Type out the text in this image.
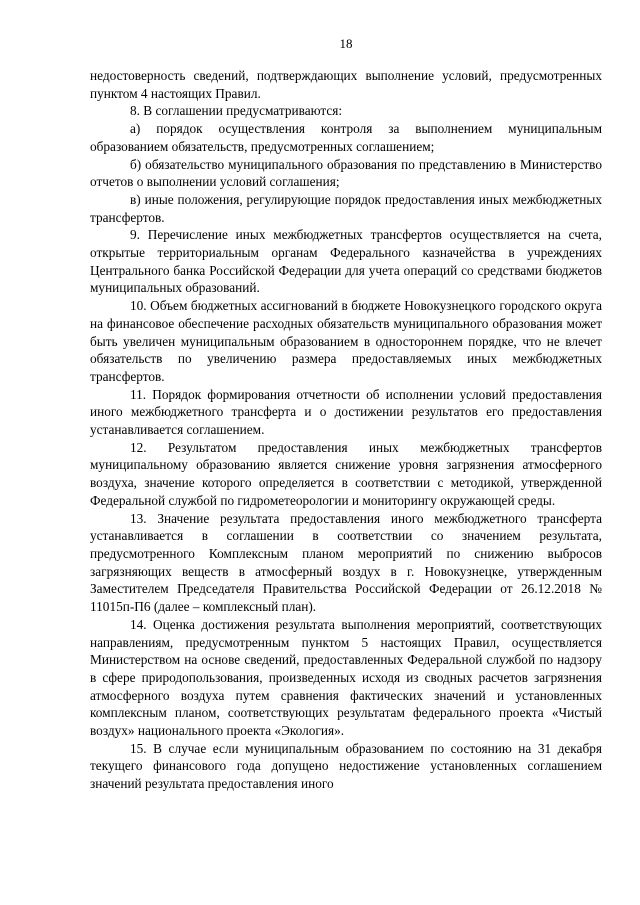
18

недостоверность сведений, подтверждающих выполнение условий, предусмотренных пунктом 4 настоящих Правил.

8. В соглашении предусматриваются:

а) порядок осуществления контроля за выполнением муниципальным образованием обязательств, предусмотренных соглашением;

б) обязательство муниципального образования по представлению в Министерство отчетов о выполнении условий соглашения;

в) иные положения, регулирующие порядок предоставления иных межбюджетных трансфертов.

9. Перечисление иных межбюджетных трансфертов осуществляется на счета, открытые территориальным органам Федерального казначейства в учреждениях Центрального банка Российской Федерации для учета операций со средствами бюджетов муниципальных образований.

10. Объем бюджетных ассигнований в бюджете Новокузнецкого городского округа на финансовое обеспечение расходных обязательств муниципального образования может быть увеличен муниципальным образованием в одностороннем порядке, что не влечет обязательств по увеличению размера предоставляемых иных межбюджетных трансфертов.

11. Порядок формирования отчетности об исполнении условий предоставления иного межбюджетного трансферта и о достижении результатов его предоставления устанавливается соглашением.

12. Результатом предоставления иных межбюджетных трансфертов муниципальному образованию является снижение уровня загрязнения атмосферного воздуха, значение которого определяется в соответствии с методикой, утвержденной Федеральной службой по гидрометеорологии и мониторингу окружающей среды.

13. Значение результата предоставления иного межбюджетного трансферта устанавливается в соглашении в соответствии со значением результата, предусмотренного Комплексным планом мероприятий по снижению выбросов загрязняющих веществ в атмосферный воздух в г. Новокузнецке, утвержденным Заместителем Председателя Правительства Российской Федерации от 26.12.2018 № 11015п-П6 (далее – комплексный план).

14. Оценка достижения результата выполнения мероприятий, соответствующих направлениям, предусмотренным пунктом 5 настоящих Правил, осуществляется Министерством на основе сведений, предоставленных Федеральной службой по надзору в сфере природопользования, произведенных исходя из сводных расчетов загрязнения атмосферного воздуха путем сравнения фактических значений и установленных комплексным планом, соответствующих результатам федерального проекта «Чистый воздух» национального проекта «Экология».

15. В случае если муниципальным образованием по состоянию на 31 декабря текущего финансового года допущено недостижение установленных соглашением значений результата предоставления иного
